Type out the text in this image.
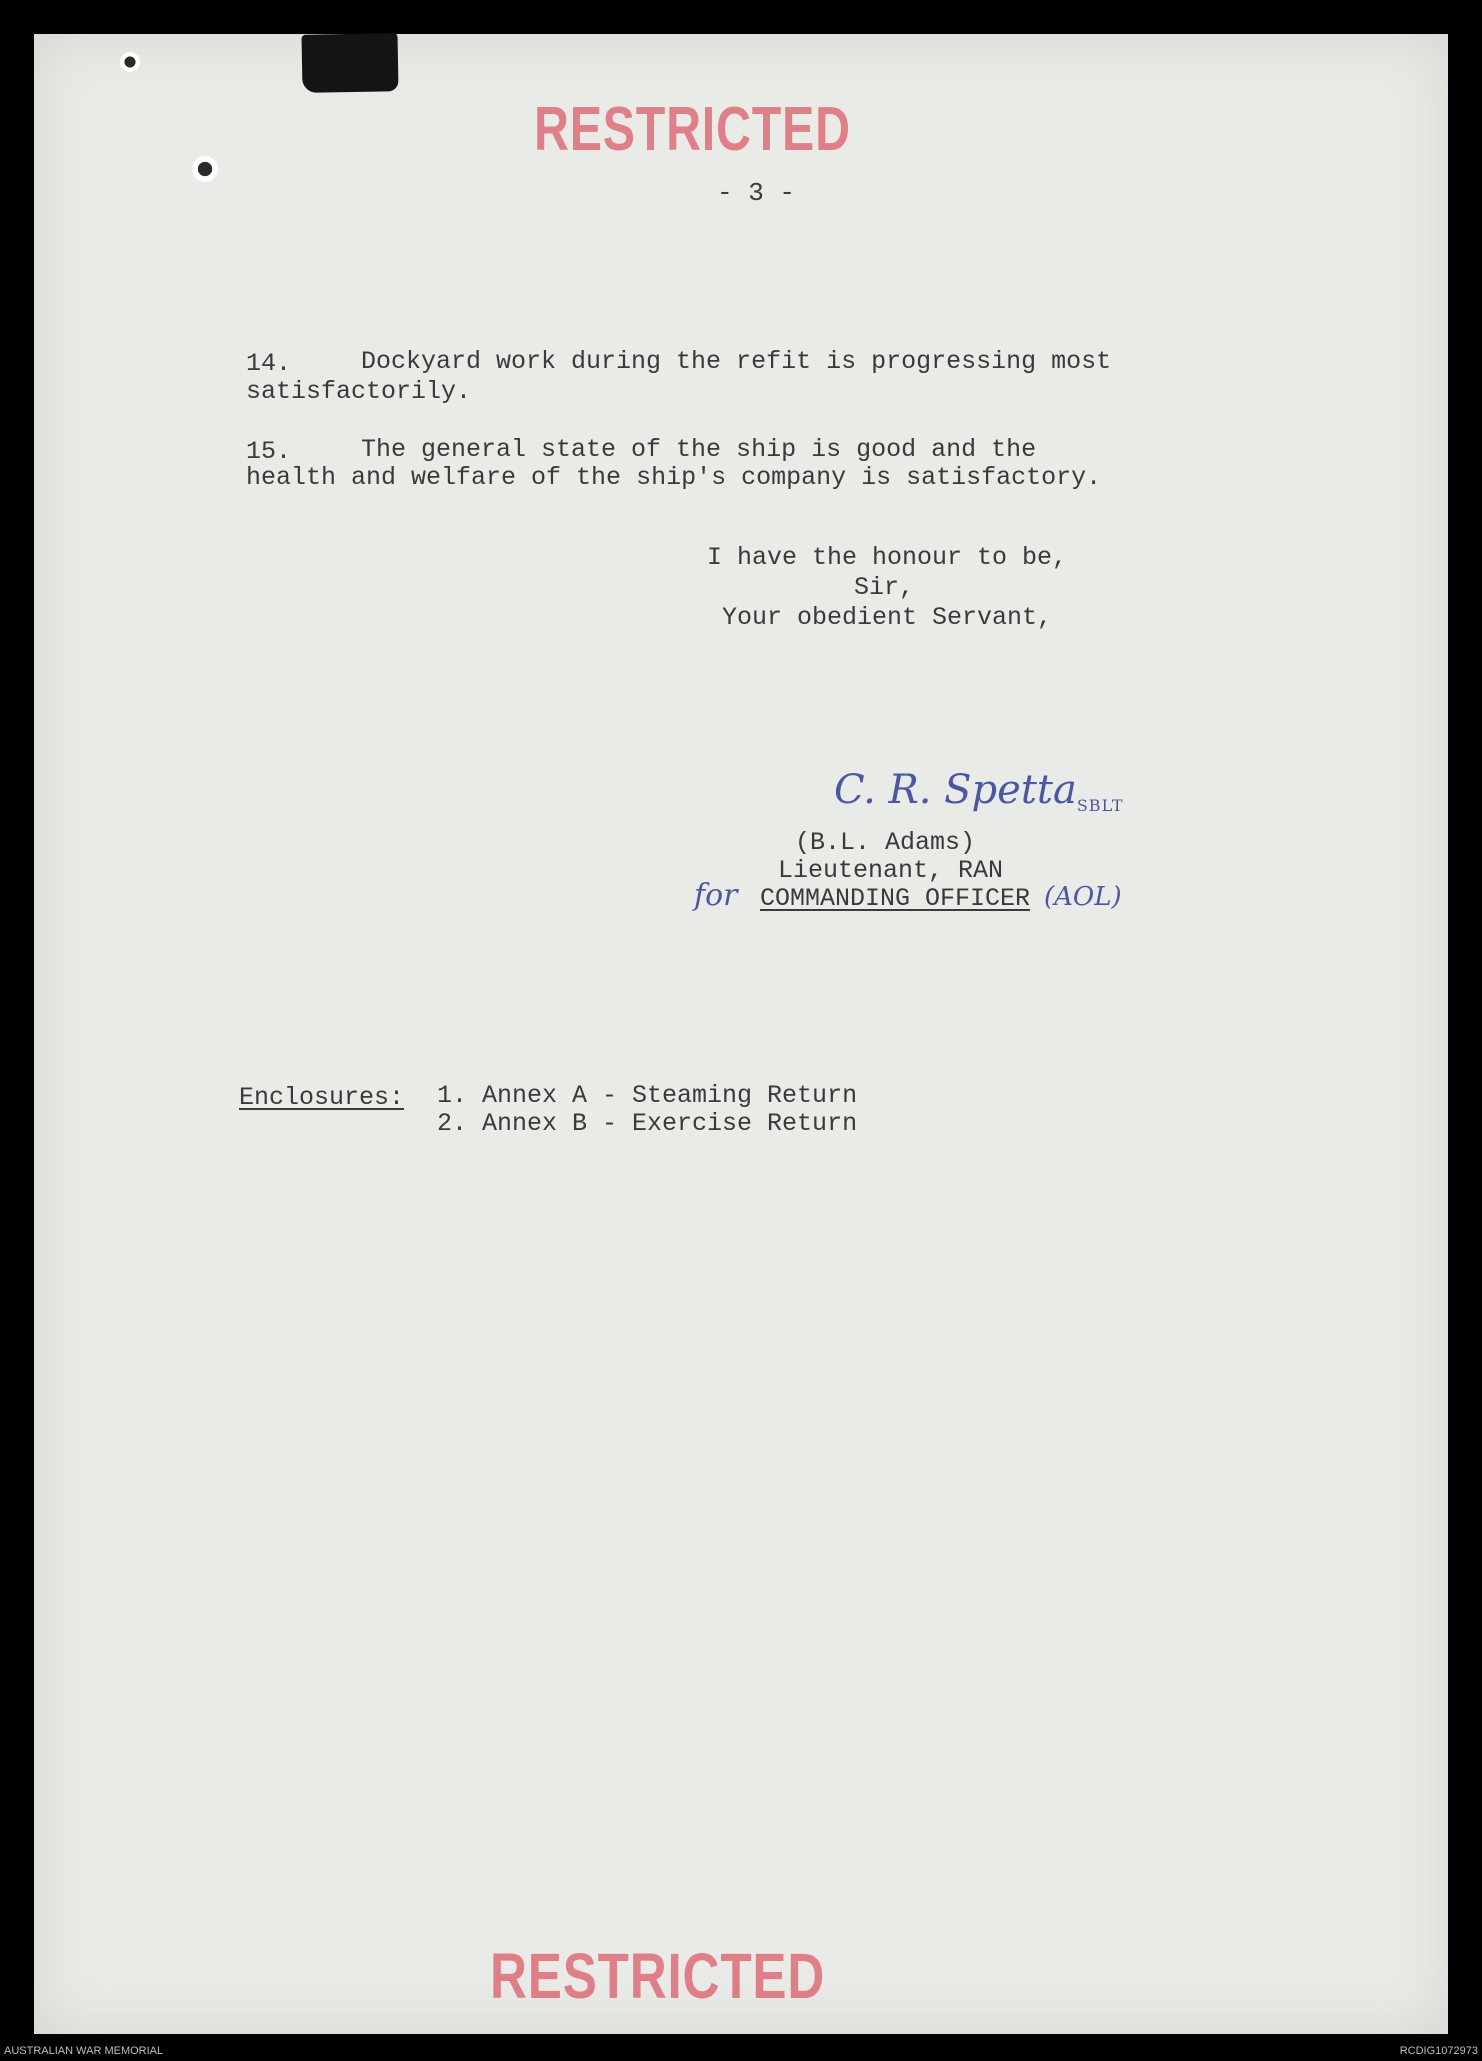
RESTRICTED
- 3 -
14.	Dockyard work during the refit is progressing most
satisfactorily.
15.	The general state of the ship is good and the
health and welfare of the ship's company is satisfactory.
I have the honour to be,
Sir,
Your obedient Servant,
C. R. Spetta$_{SBLT}$
(B.L. Adams)
Lieutenant, RAN
for COMMANDING OFFICER (AOL)
Enclosures: 1. Annex A - Steaming Return
2. Annex B - Exercise Return
RESTRICTED
AUSTRALIAN WAR MEMORIAL	RCDIG1072973
